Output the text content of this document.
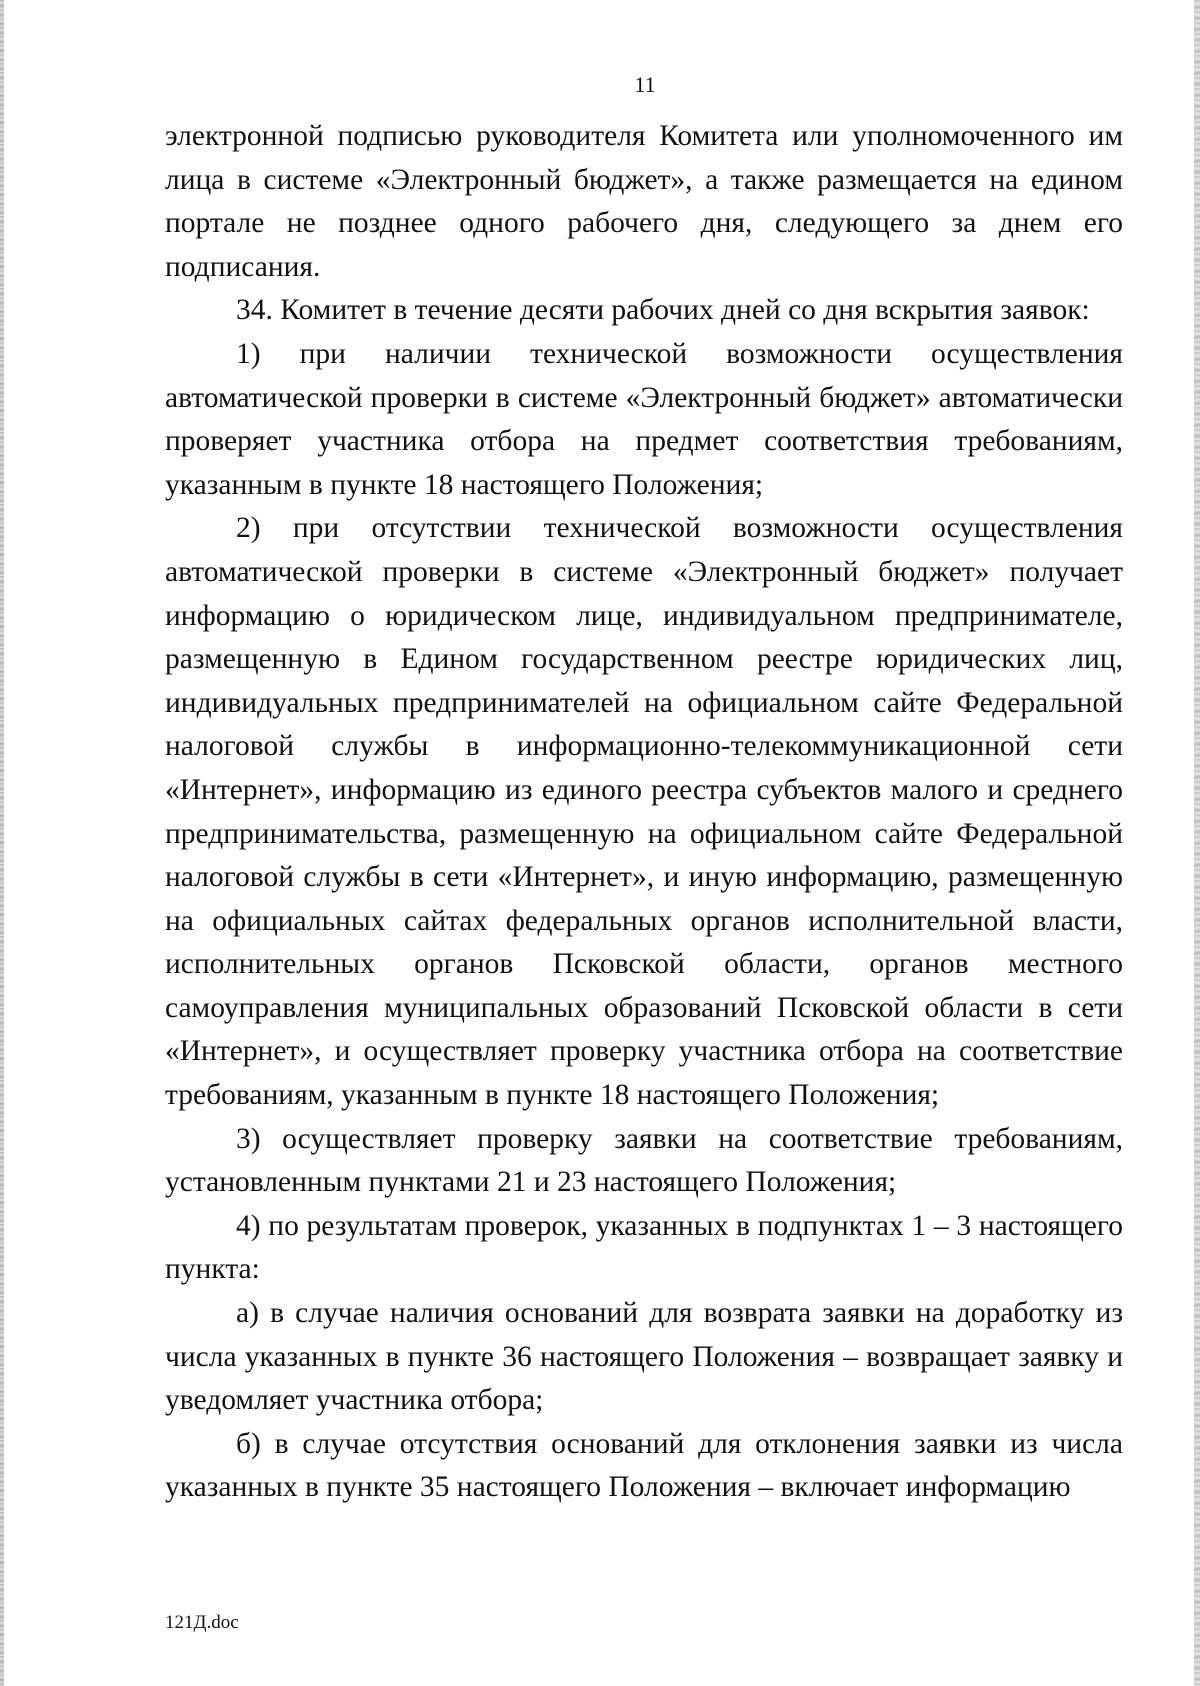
11

электронной подписью руководителя Комитета или уполномоченного им лица в системе «Электронный бюджет», а также размещается на едином портале не позднее одного рабочего дня, следующего за днем его подписания.

34. Комитет в течение десяти рабочих дней со дня вскрытия заявок:

1) при наличии технической возможности осуществления автоматической проверки в системе «Электронный бюджет» автоматически проверяет участника отбора на предмет соответствия требованиям, указанным в пункте 18 настоящего Положения;

2) при отсутствии технической возможности осуществления автоматической проверки в системе «Электронный бюджет» получает информацию о юридическом лице, индивидуальном предпринимателе, размещенную в Едином государственном реестре юридических лиц, индивидуальных предпринимателей на официальном сайте Федеральной налоговой службы в информационно-телекоммуникационной сети «Интернет», информацию из единого реестра субъектов малого и среднего предпринимательства, размещенную на официальном сайте Федеральной налоговой службы в сети «Интернет», и иную информацию, размещенную на официальных сайтах федеральных органов исполнительной власти, исполнительных органов Псковской области, органов местного самоуправления муниципальных образований Псковской области в сети «Интернет», и осуществляет проверку участника отбора на соответствие требованиям, указанным в пункте 18 настоящего Положения;

3) осуществляет проверку заявки на соответствие требованиям, установленным пунктами 21 и 23 настоящего Положения;

4) по результатам проверок, указанных в подпунктах 1 – 3 настоящего пункта:

а) в случае наличия оснований для возврата заявки на доработку из числа указанных в пункте 36 настоящего Положения – возвращает заявку и уведомляет участника отбора;

б) в случае отсутствия оснований для отклонения заявки из числа указанных в пункте 35 настоящего Положения – включает информацию

121Д.doc
